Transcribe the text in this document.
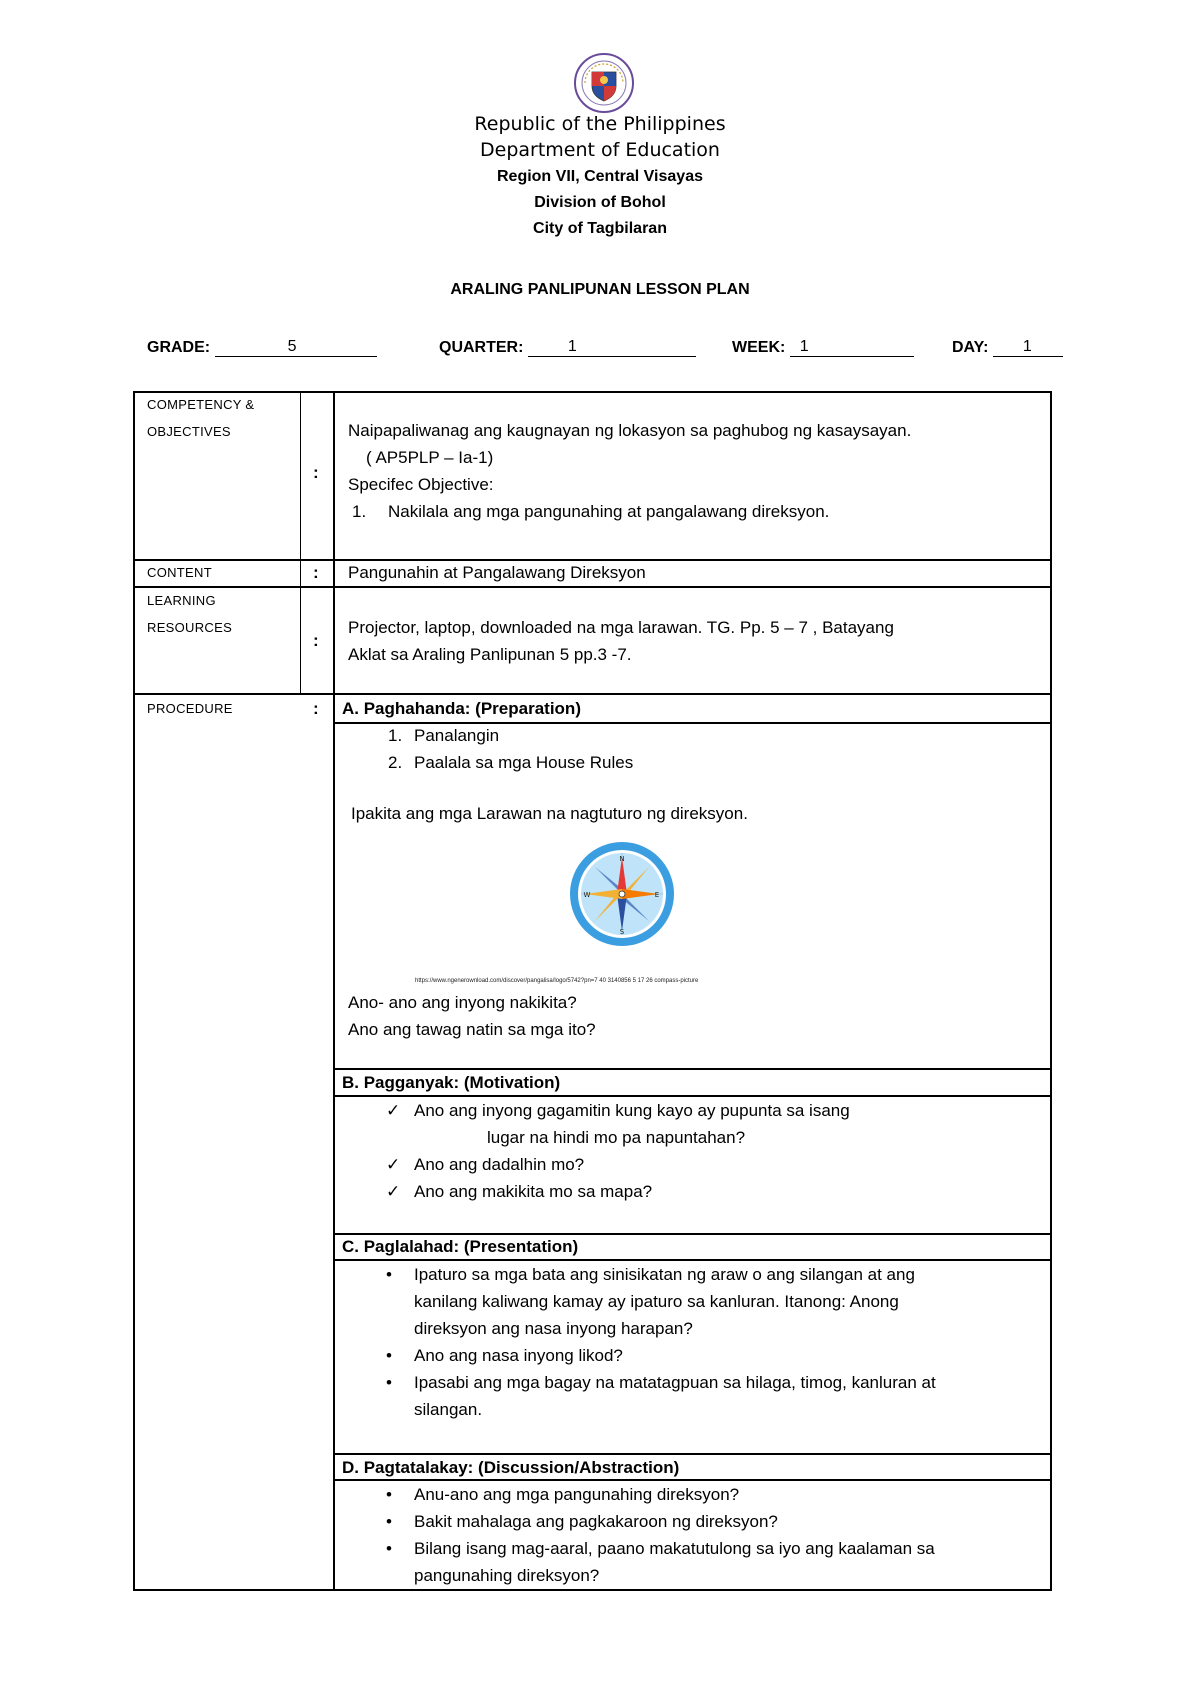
Republic of the Philippines
Department of Education
Region VII, Central Visayas
Division of Bohol
City of Tagbilaran
ARALING PANLIPUNAN LESSON PLAN
GRADE:	5	QUARTER:	1	WEEK: 1	DAY: 1
COMPETENCY &
OBJECTIVES
:
Naipapaliwanag ang kaugnayan ng lokasyon sa paghubog ng kasaysayan.
( AP5PLP – Ia-1)
Specifec Objective:
1. Nakilala ang mga pangunahing at pangalawang direksyon.
CONTENT	: Pangunahin at Pangalawang Direksyon
LEARNING
RESOURCES
:
Projector, laptop, downloaded na mga larawan. TG. Pp. 5 – 7 , Batayang
Aklat sa Araling Panlipunan 5 pp.3 -7.
PROCEDURE	: A. Paghahanda: (Preparation)
1. Panalangin
2. Paalala sa mga House Rules
Ipakita ang mga Larawan na nagtuturo ng direksyon.
N
S
W	E
https://www.ngenerownload.com/discover/pangalisa/logo/5742?pn=7 40 3140856 5 17 26 compass-picture
Ano- ano ang inyong nakikita?
Ano ang tawag natin sa mga ito?
B. Pagganyak: (Motivation)
✓ Ano ang inyong gagamitin kung kayo ay pupunta sa isang
lugar na hindi mo pa napuntahan?
✓ Ano ang dadalhin mo?
✓ Ano ang makikita mo sa mapa?
C. Paglalahad: (Presentation)
• Ipaturo sa mga bata ang sinisikatan ng araw o ang silangan at ang
kanilang kaliwang kamay ay ipaturo sa kanluran. Itanong: Anong
direksyon ang nasa inyong harapan?
• Ano ang nasa inyong likod?
• Ipasabi ang mga bagay na matatagpuan sa hilaga, timog, kanluran at
silangan.
D. Pagtatalakay: (Discussion/Abstraction)
• Anu-ano ang mga pangunahing direksyon?
• Bakit mahalaga ang pagkakaroon ng direksyon?
• Bilang isang mag-aaral, paano makatutulong sa iyo ang kaalaman sa
pangunahing direksyon?
